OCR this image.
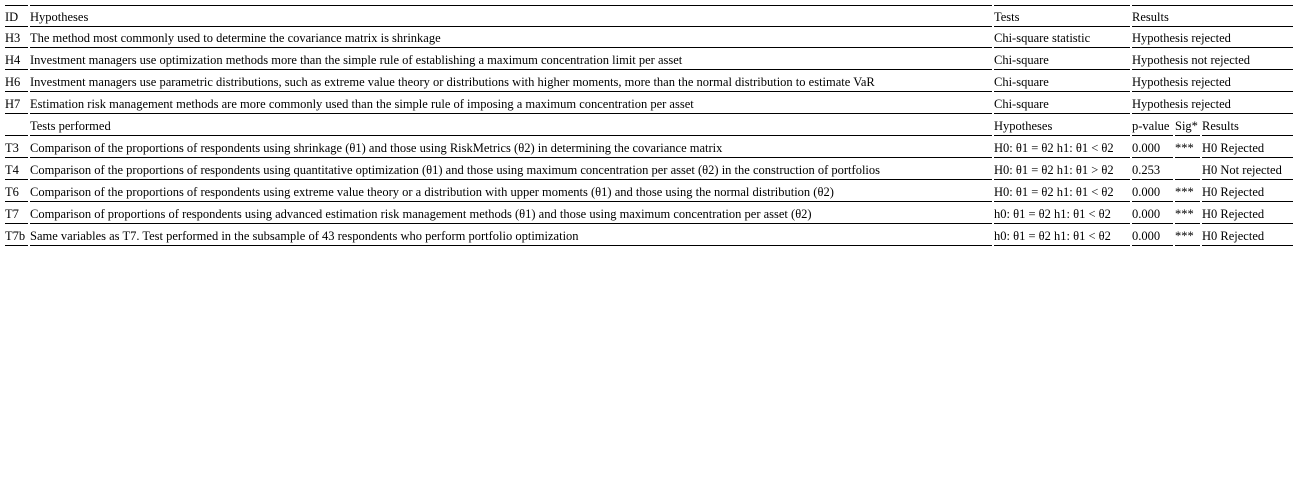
ID Hypotheses	Tests	Results
H3 The method most commonly used to determine the covariance matrix is shrinkage	Chi-square statistic	Hypothesis rejected
H4 Investment managers use optimization methods more than the simple rule of establishing a maximum concentration limit per asset	Chi-square	Hypothesis not rejected
H6 Investment managers use parametric distributions, such as extreme value theory or distributions with higher moments, more than the normal distribution to estimate VaR	Chi-square	Hypothesis rejected
H7 Estimation risk management methods are more commonly used than the simple rule of imposing a maximum concentration per asset	Chi-square	Hypothesis rejected
Tests performed	Hypotheses	p-value Sig* Results
T3 Comparison of the proportions of respondents using shrinkage (θ1) and those using RiskMetrics (θ2) in determining the covariance matrix	H0: θ1 = θ2 h1: θ1 < θ2	0.000	*** H0 Rejected
T4 Comparison of the proportions of respondents using quantitative optimization (θ1) and those using maximum concentration per asset (θ2) in the construction of portfolios	H0: θ1 = θ2 h1: θ1 > θ2	0.253	H0 Not rejected
T6 Comparison of the proportions of respondents using extreme value theory or a distribution with upper moments (θ1) and those using the normal distribution (θ2)	H0: θ1 = θ2 h1: θ1 < θ2	0.000	*** H0 Rejected
T7 Comparison of proportions of respondents using advanced estimation risk management methods (θ1) and those using maximum concentration per asset (θ2)	h0: θ1 = θ2 h1: θ1 < θ2	0.000	*** H0 Rejected
T7b Same variables as T7. Test performed in the subsample of 43 respondents who perform portfolio optimization	h0: θ1 = θ2 h1: θ1 < θ2	0.000	*** H0 Rejected
